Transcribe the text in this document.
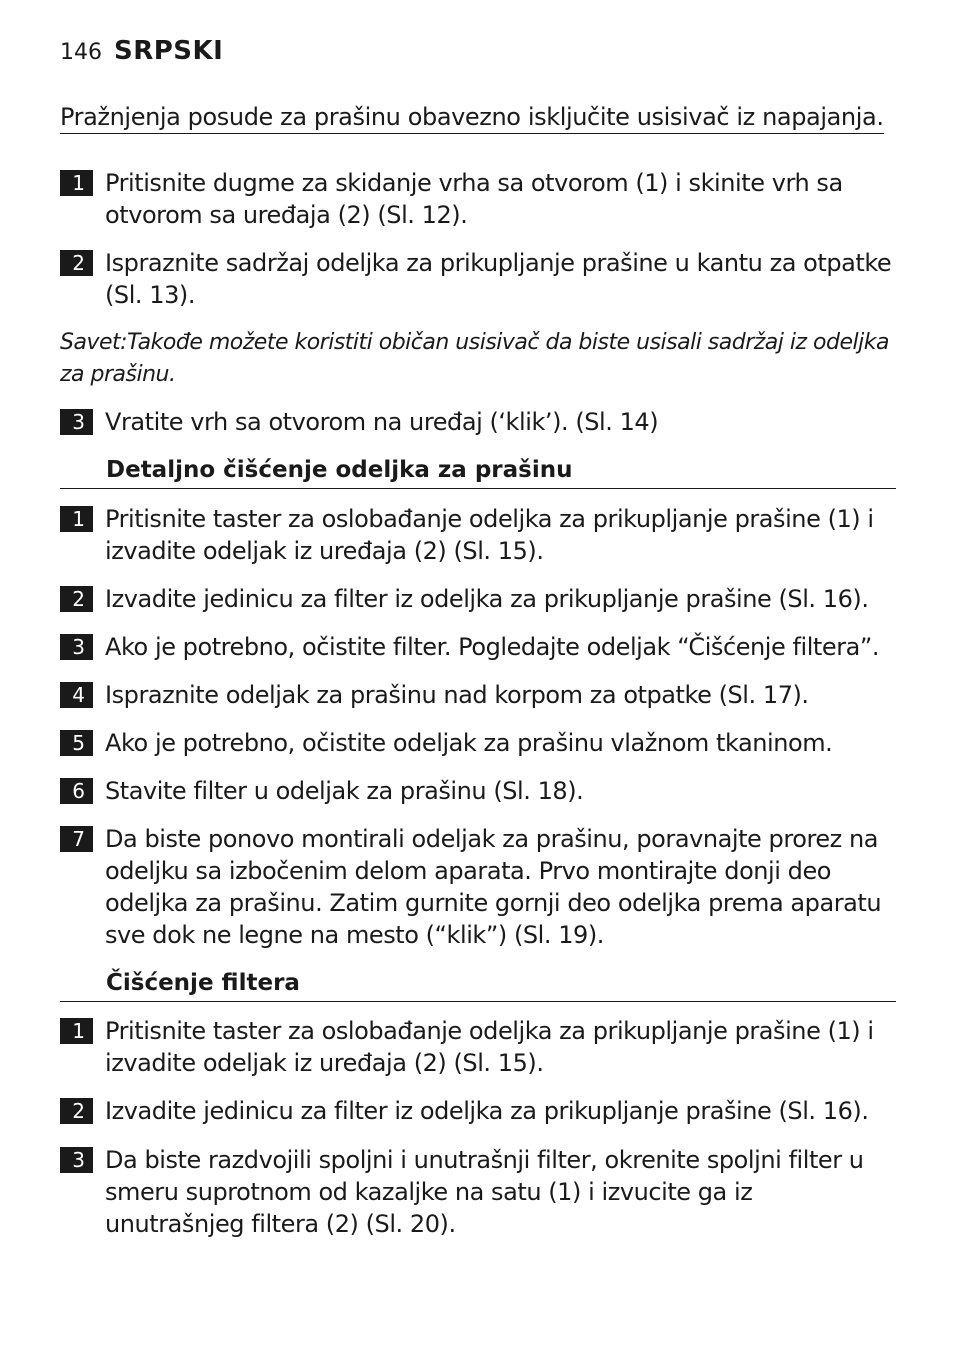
146 SRPSKI
Pražnjenja posude za prašinu obavezno isključite usisivač iz napajanja.
1 Pritisnite dugme za skidanje vrha sa otvorom (1) i skinite vrh sa otvorom sa uređaja (2) (Sl. 12).
2 Ispraznite sadržaj odeljka za prikupljanje prašine u kantu za otpatke (Sl. 13).
Savet:Takođe možete koristiti običan usisivač da biste usisali sadržaj iz odeljka za prašinu.
3 Vratite vrh sa otvorom na uređaj (‘klik’). (Sl. 14)
Detaljno čišćenje odeljka za prašinu
1 Pritisnite taster za oslobađanje odeljka za prikupljanje prašine (1) i izvadite odeljak iz uređaja (2) (Sl. 15).
2 Izvadite jedinicu za filter iz odeljka za prikupljanje prašine (Sl. 16).
3 Ako je potrebno, očistite filter. Pogledajte odeljak “Čišćenje filtera”.
4 Ispraznite odeljak za prašinu nad korpom za otpatke (Sl. 17).
5 Ako je potrebno, očistite odeljak za prašinu vlažnom tkaninom.
6 Stavite filter u odeljak za prašinu (Sl. 18).
7 Da biste ponovo montirali odeljak za prašinu, poravnajte prorez na odeljku sa izbočenim delom aparata. Prvo montirajte donji deo odeljka za prašinu. Zatim gurnite gornji deo odeljka prema aparatu sve dok ne legne na mesto (“klik”) (Sl. 19).
Čišćenje filtera
1 Pritisnite taster za oslobađanje odeljka za prikupljanje prašine (1) i izvadite odeljak iz uređaja (2) (Sl. 15).
2 Izvadite jedinicu za filter iz odeljka za prikupljanje prašine (Sl. 16).
3 Da biste razdvojili spoljni i unutrašnji filter, okrenite spoljni filter u smeru suprotnom od kazaljke na satu (1) i izvucite ga iz unutrašnjeg filtera (2) (Sl. 20).
